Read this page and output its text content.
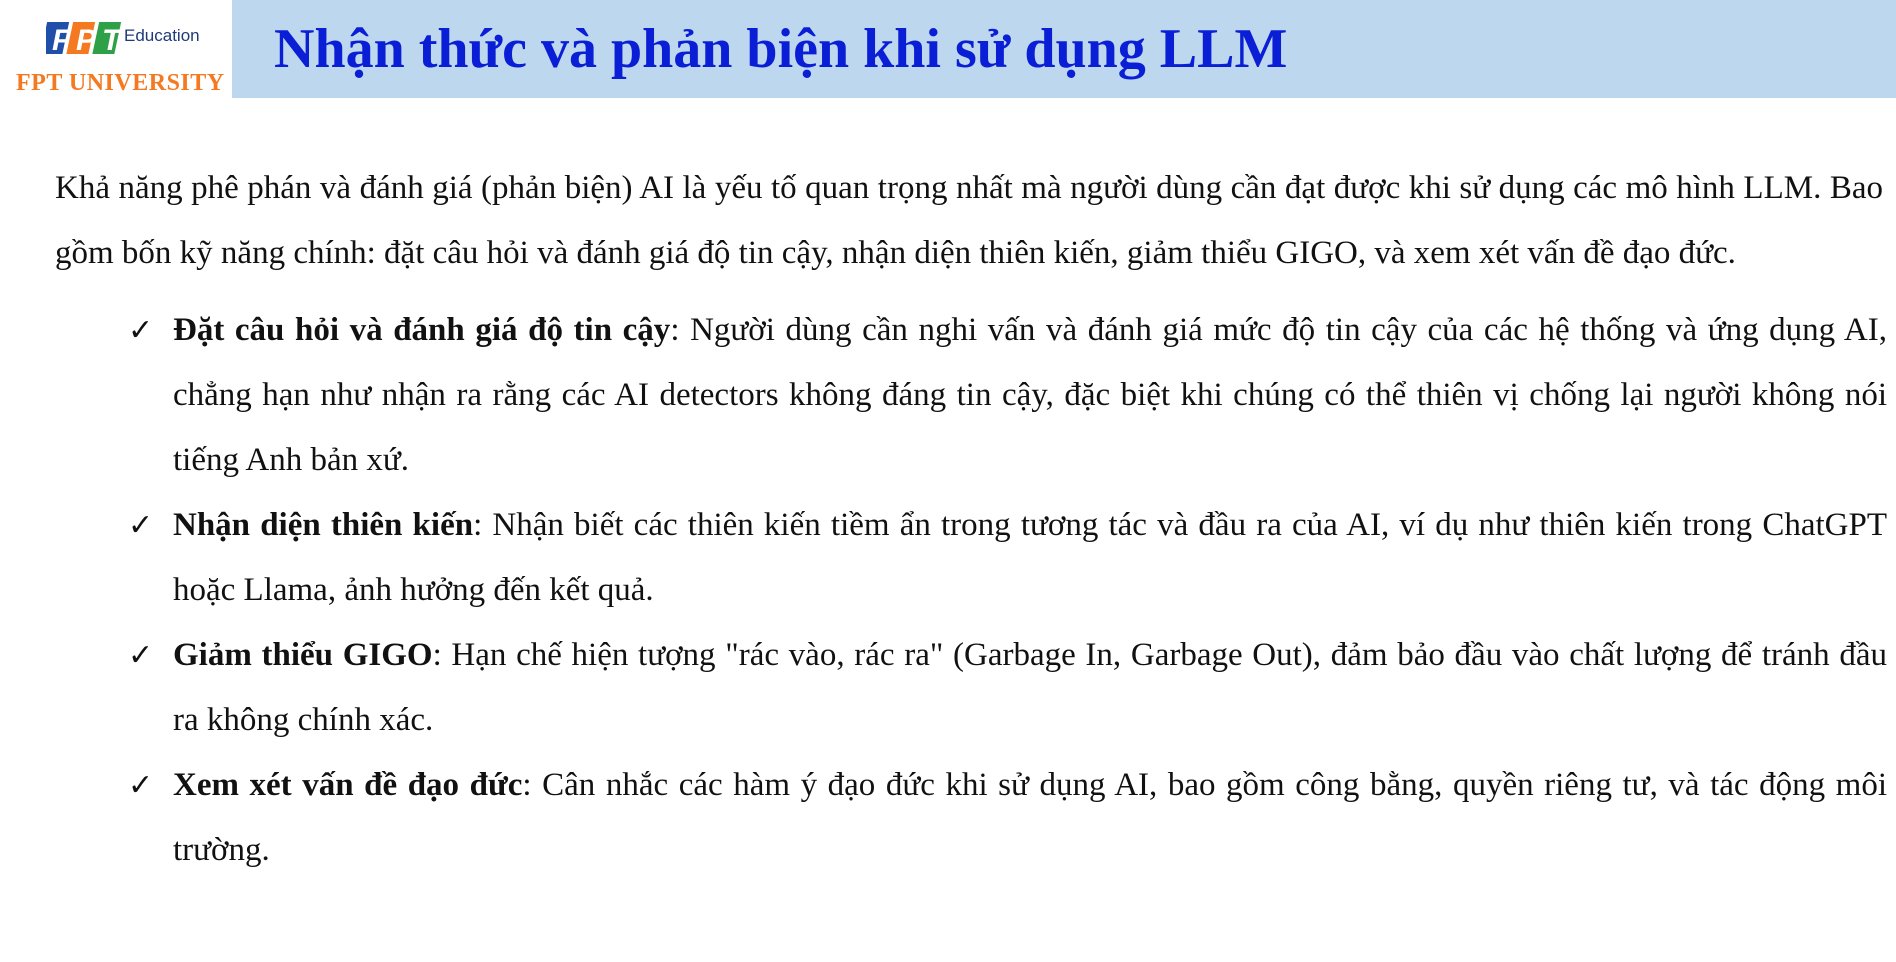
F P T Education
FPT UNIVERSITY
Nhận thức và phản biện khi sử dụng LLM

Khả năng phê phán và đánh giá (phản biện) AI là yếu tố quan trọng nhất mà người dùng cần đạt được khi sử dụng các mô hình LLM. Bao gồm bốn kỹ năng chính: đặt câu hỏi và đánh giá độ tin cậy, nhận diện thiên kiến, giảm thiểu GIGO, và xem xét vấn đề đạo đức.

✓ Đặt câu hỏi và đánh giá độ tin cậy: Người dùng cần nghi vấn và đánh giá mức độ tin cậy của các hệ thống và ứng dụng AI, chẳng hạn như nhận ra rằng các AI detectors không đáng tin cậy, đặc biệt khi chúng có thể thiên vị chống lại người không nói tiếng Anh bản xứ.
✓ Nhận diện thiên kiến: Nhận biết các thiên kiến tiềm ẩn trong tương tác và đầu ra của AI, ví dụ như thiên kiến trong ChatGPT hoặc Llama, ảnh hưởng đến kết quả.
✓ Giảm thiểu GIGO: Hạn chế hiện tượng "rác vào, rác ra" (Garbage In, Garbage Out), đảm bảo đầu vào chất lượng để tránh đầu ra không chính xác.
✓ Xem xét vấn đề đạo đức: Cân nhắc các hàm ý đạo đức khi sử dụng AI, bao gồm công bằng, quyền riêng tư, và tác động môi trường.
